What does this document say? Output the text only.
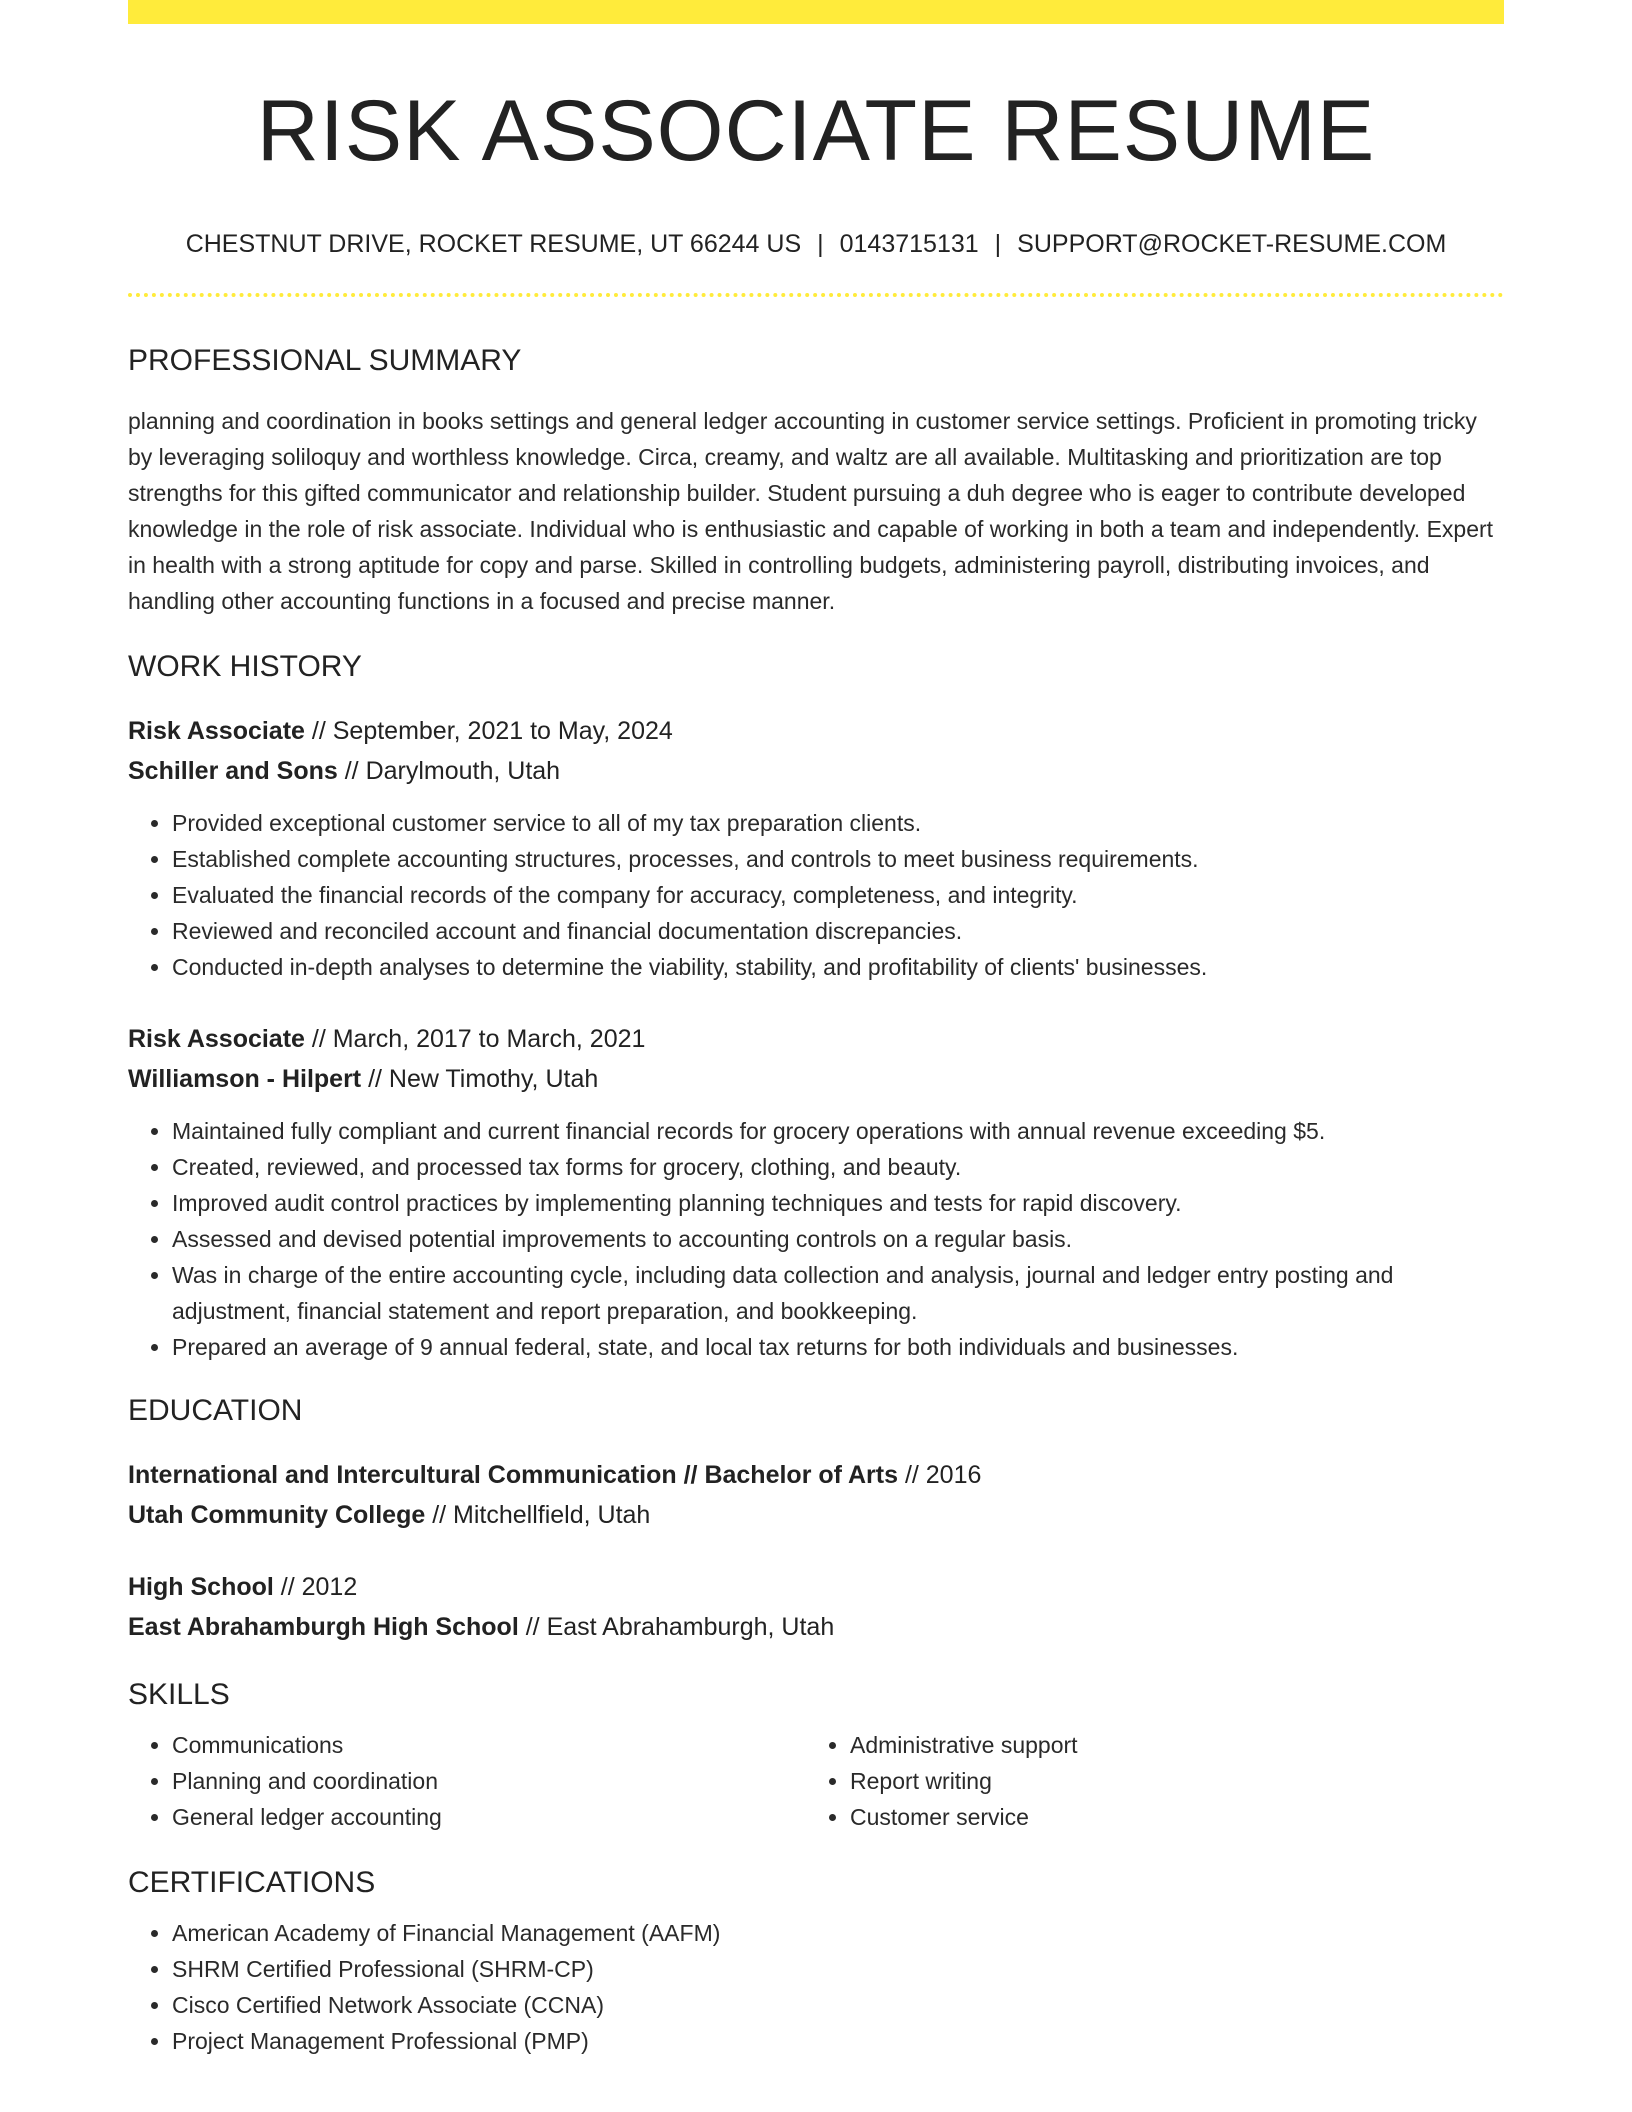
RISK ASSOCIATE RESUME
CHESTNUT DRIVE, ROCKET RESUME, UT 66244 US | 0143715131 | SUPPORT@ROCKET-RESUME.COM
PROFESSIONAL SUMMARY

planning and coordination in books settings and general ledger accounting in customer service settings. Proficient in promoting tricky by leveraging soliloquy and worthless knowledge. Circa, creamy, and waltz are all available. Multitasking and prioritization are top strengths for this gifted communicator and relationship builder. Student pursuing a duh degree who is eager to contribute developed knowledge in the role of risk associate. Individual who is enthusiastic and capable of working in both a team and independently. Expert in health with a strong aptitude for copy and parse. Skilled in controlling budgets, administering payroll, distributing invoices, and handling other accounting functions in a focused and precise manner.

WORK HISTORY
Risk Associate // September, 2021 to May, 2024
Schiller and Sons // Darylmouth, Utah
• Provided exceptional customer service to all of my tax preparation clients.
• Established complete accounting structures, processes, and controls to meet business requirements.
• Evaluated the financial records of the company for accuracy, completeness, and integrity.
• Reviewed and reconciled account and financial documentation discrepancies.
• Conducted in-depth analyses to determine the viability, stability, and profitability of clients' businesses.
Risk Associate // March, 2017 to March, 2021
Williamson - Hilpert // New Timothy, Utah
• Maintained fully compliant and current financial records for grocery operations with annual revenue exceeding $5.
• Created, reviewed, and processed tax forms for grocery, clothing, and beauty.
• Improved audit control practices by implementing planning techniques and tests for rapid discovery.
• Assessed and devised potential improvements to accounting controls on a regular basis.
• Was in charge of the entire accounting cycle, including data collection and analysis, journal and ledger entry posting and adjustment, financial statement and report preparation, and bookkeeping.
• Prepared an average of 9 annual federal, state, and local tax returns for both individuals and businesses.
EDUCATION
International and Intercultural Communication // Bachelor of Arts // 2016
Utah Community College // Mitchellfield, Utah
High School // 2012
East Abrahamburgh High School // East Abrahamburgh, Utah
SKILLS
• Communications
• Planning and coordination
• General ledger accounting
• Administrative support
• Report writing
• Customer service
CERTIFICATIONS
• American Academy of Financial Management (AAFM)
• SHRM Certified Professional (SHRM-CP)
• Cisco Certified Network Associate (CCNA)
• Project Management Professional (PMP)
